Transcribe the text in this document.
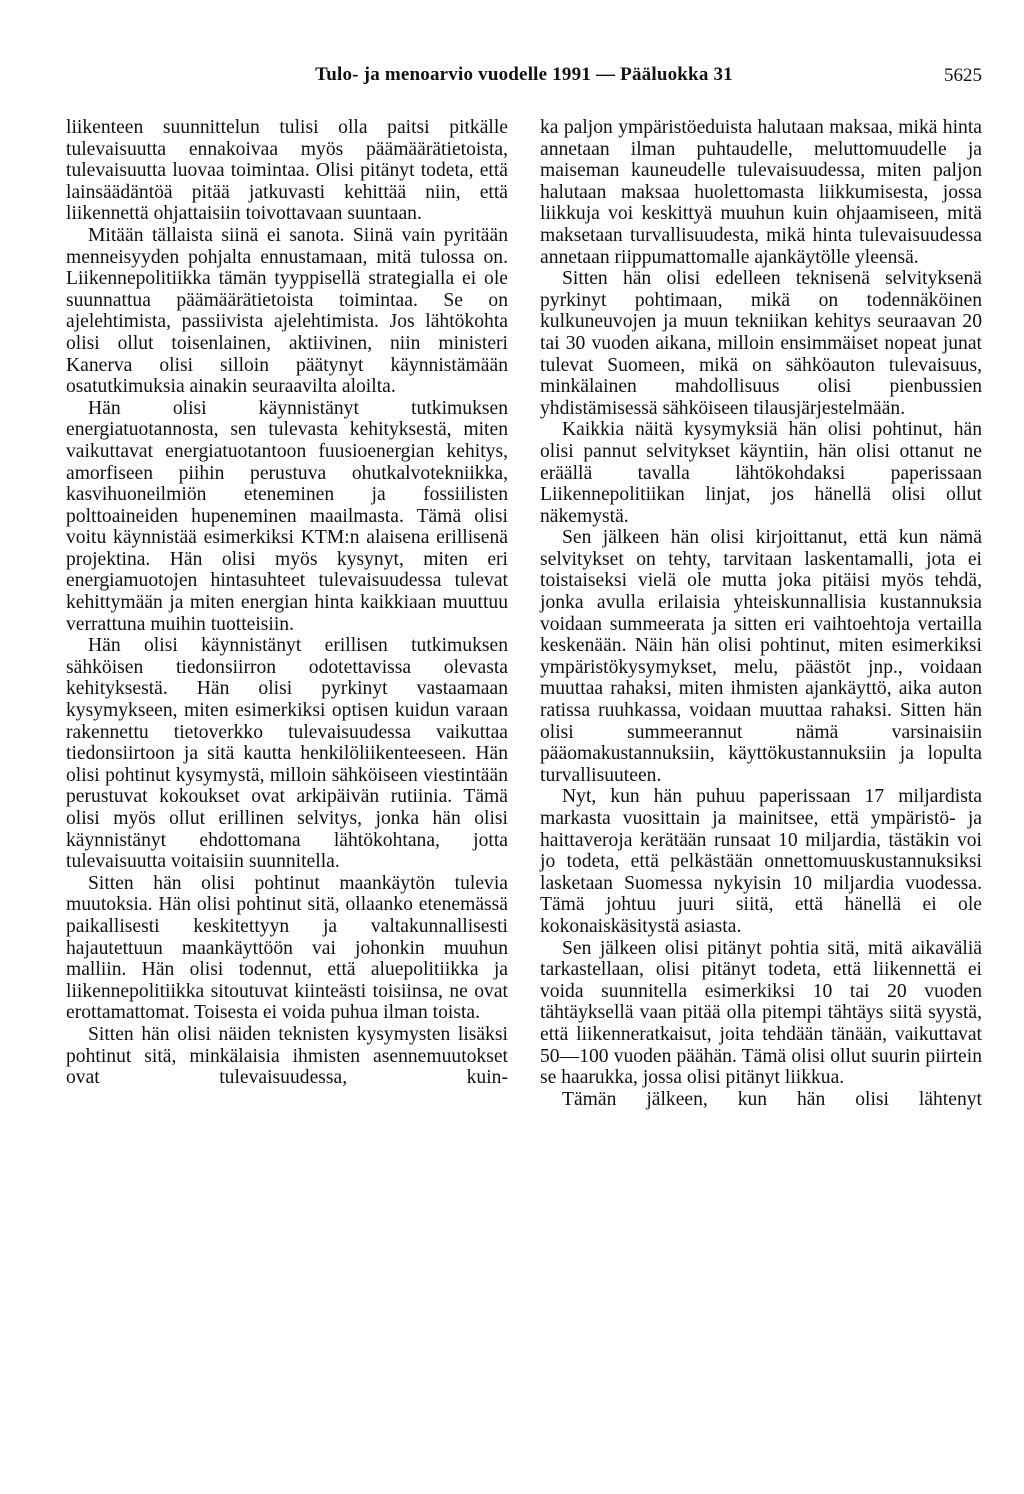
Tulo- ja menoarvio vuodelle 1991 — Pääluokka 31	5625

liikenteen suunnittelun tulisi olla paitsi pitkälle tulevaisuutta ennakoivaa myös päämäärätietoista, tulevaisuutta luovaa toimintaa. Olisi pitänyt todeta, että lainsäädäntöä pitää jatkuvasti kehittää niin, että liikennettä ohjattaisiin toivottavaan suuntaan.

Mitään tällaista siinä ei sanota. Siinä vain pyritään menneisyyden pohjalta ennustamaan, mitä tulossa on. Liikennepolitiikka tämän tyyppisellä strategialla ei ole suunnattua päämäärätietoista toimintaa. Se on ajelehtimista, passiivista ajelehtimista. Jos lähtökohta olisi ollut toisenlainen, aktiivinen, niin ministeri Kanerva olisi silloin päätynyt käynnistämään osatutkimuksia ainakin seuraavilta aloilta.

Hän olisi käynnistänyt tutkimuksen energiatuotannosta, sen tulevasta kehityksestä, miten vaikuttavat energiatuotantoon fuusioenergian kehitys, amorfiseen piihin perustuva ohutkalvotekniikka, kasvihuoneilmiön eteneminen ja fossiilisten polttoaineiden hupeneminen maailmasta. Tämä olisi voitu käynnistää esimerkiksi KTM:n alaisena erillisenä projektina. Hän olisi myös kysynyt, miten eri energiamuotojen hintasuhteet tulevaisuudessa tulevat kehittymään ja miten energian hinta kaikkiaan muuttuu verrattuna muihin tuotteisiin.

Hän olisi käynnistänyt erillisen tutkimuksen sähköisen tiedonsiirron odotettavissa olevasta kehityksestä. Hän olisi pyrkinyt vastaamaan kysymykseen, miten esimerkiksi optisen kuidun varaan rakennettu tietoverkko tulevaisuudessa vaikuttaa tiedonsiirtoon ja sitä kautta henkilöliikenteeseen. Hän olisi pohtinut kysymystä, milloin sähköiseen viestintään perustuvat kokoukset ovat arkipäivän rutiinia. Tämä olisi myös ollut erillinen selvitys, jonka hän olisi käynnistänyt ehdottomana lähtökohtana, jotta tulevaisuutta voitaisiin suunnitella.

Sitten hän olisi pohtinut maankäytön tulevia muutoksia. Hän olisi pohtinut sitä, ollaanko etenemässä paikallisesti keskitettyyn ja valtakunnallisesti hajautettuun maankäyttöön vai johonkin muuhun malliin. Hän olisi todennut, että aluepolitiikka ja liikennepolitiikka sitoutuvat kiinteästi toisiinsa, ne ovat erottamattomat. Toisesta ei voida puhua ilman toista.

Sitten hän olisi näiden teknisten kysymysten lisäksi pohtinut sitä, minkälaisia ihmisten asennemuutokset ovat tulevaisuudessa, kuin-

ka paljon ympäristöeduista halutaan maksaa, mikä hinta annetaan ilman puhtaudelle, meluttomuudelle ja maiseman kauneudelle tulevaisuudessa, miten paljon halutaan maksaa huolettomasta liikkumisesta, jossa liikkuja voi keskittyä muuhun kuin ohjaamiseen, mitä maksetaan turvallisuudesta, mikä hinta tulevaisuudessa annetaan riippumattomalle ajankäytölle yleensä.

Sitten hän olisi edelleen teknisenä selvityksenä pyrkinyt pohtimaan, mikä on todennäköinen kulkuneuvojen ja muun tekniikan kehitys seuraavan 20 tai 30 vuoden aikana, milloin ensimmäiset nopeat junat tulevat Suomeen, mikä on sähköauton tulevaisuus, minkälainen mahdollisuus olisi pienbussien yhdistämisessä sähköiseen tilausjärjestelmään.

Kaikkia näitä kysymyksiä hän olisi pohtinut, hän olisi pannut selvitykset käyntiin, hän olisi ottanut ne eräällä tavalla lähtökohdaksi paperissaan Liikennepolitiikan linjat, jos hänellä olisi ollut näkemystä.

Sen jälkeen hän olisi kirjoittanut, että kun nämä selvitykset on tehty, tarvitaan laskentamalli, jota ei toistaiseksi vielä ole mutta joka pitäisi myös tehdä, jonka avulla erilaisia yhteiskunnallisia kustannuksia voidaan summeerata ja sitten eri vaihtoehtoja vertailla keskenään. Näin hän olisi pohtinut, miten esimerkiksi ympäristökysymykset, melu, päästöt jnp., voidaan muuttaa rahaksi, miten ihmisten ajankäyttö, aika auton ratissa ruuhkassa, voidaan muuttaa rahaksi. Sitten hän olisi summeerannut nämä varsinaisiin pääomakustannuksiin, käyttökustannuksiin ja lopulta turvallisuuteen.

Nyt, kun hän puhuu paperissaan 17 miljardista markasta vuosittain ja mainitsee, että ympäristö- ja haittaveroja kerätään runsaat 10 miljardia, tästäkin voi jo todeta, että pelkästään onnettomuuskustannuksiksi lasketaan Suomessa nykyisin 10 miljardia vuodessa. Tämä johtuu juuri siitä, että hänellä ei ole kokonaiskäsitystä asiasta.

Sen jälkeen olisi pitänyt pohtia sitä, mitä aikaväliä tarkastellaan, olisi pitänyt todeta, että liikennettä ei voida suunnitella esimerkiksi 10 tai 20 vuoden tähtäyksellä vaan pitää olla pitempi tähtäys siitä syystä, että liikenneratkaisut, joita tehdään tänään, vaikuttavat 50—100 vuoden päähän. Tämä olisi ollut suurin piirtein se haarukka, jossa olisi pitänyt liikkua.

Tämän jälkeen, kun hän olisi lähtenyt
